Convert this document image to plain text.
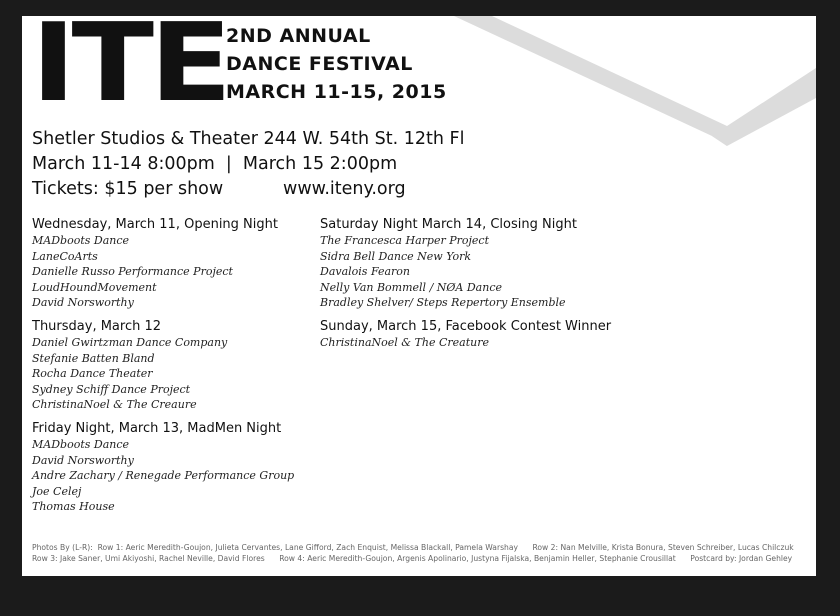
ITE
2ND ANNUAL
DANCE FESTIVAL
MARCH 11-15, 2015
Shetler Studios & Theater 244 W. 54th St. 12th Fl
March 11-14 8:00pm  |  March 15 2:00pm
Tickets: $15 per show	www.iteny.org
Wednesday, March 11, Opening Night
MADboots Dance
LaneCoArts
Danielle Russo Performance Project
LoudHoundMovement
David Norsworthy
Thursday, March 12
Daniel Gwirtzman Dance Company
Stefanie Batten Bland
Rocha Dance Theater
Sydney Schiff Dance Project
ChristinaNoel & The Creaure
Friday Night, March 13, MadMen Night
MADboots Dance
David Norsworthy
Andre Zachary / Renegade Performance Group
Joe Celej
Thomas House
Saturday Night March 14, Closing Night
The Francesca Harper Project
Sidra Bell Dance New York
Davalois Fearon
Nelly Van Bommell / NØA Dance
Bradley Shelver/ Steps Repertory Ensemble
Sunday, March 15, Facebook Contest Winner
ChristinaNoel & The Creature
Photos By (L-R):  Row 1: Aeric Meredith-Goujon, Julieta Cervantes, Lane Gifford, Zach Enquist, Melissa Blackall, Pamela Warshay      Row 2: Nan Melville, Krista Bonura, Steven Schreiber, Lucas Chilczuk
Row 3: Jake Saner, Umi Akiyoshi, Rachel Neville, David Flores      Row 4: Aeric Meredith-Goujon, Argenis Apolinario, Justyna Fijalska, Benjamin Heller, Stephanie Crousillat      Postcard by: Jordan Gehley
